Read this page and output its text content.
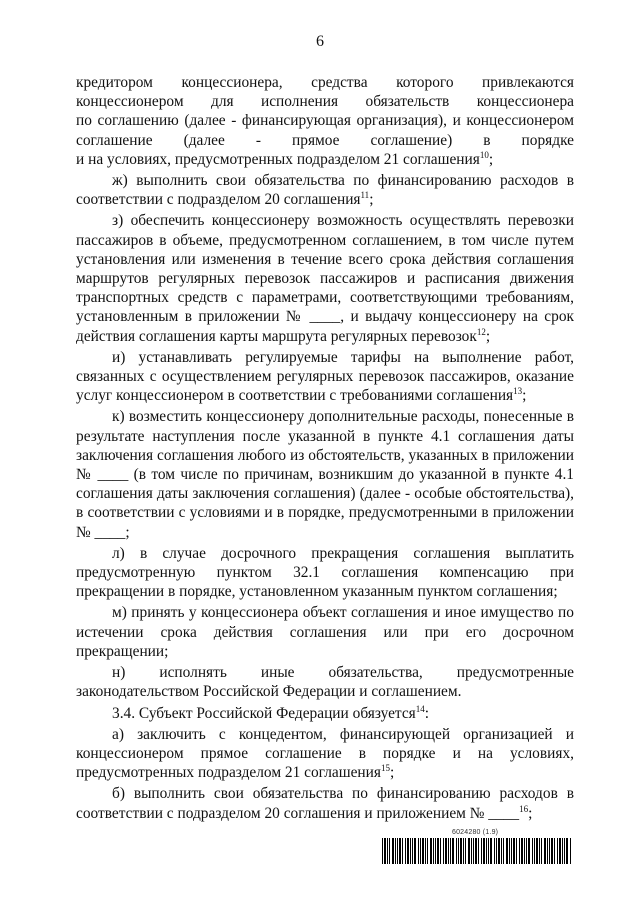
6

кредитором концессионера, средства которого привлекаются

концессионером для исполнения обязательств концессионера

по соглашению (далее - финансирующая организация), и концессионером

соглашение (далее - прямое соглашение) в порядке

и на условиях, предусмотренных подразделом 21 соглашения$^{10}$;

ж) выполнить свои обязательства по финансированию расходов в соответствии с подразделом 20 соглашения$^{11}$;

з) обеспечить концессионеру возможность осуществлять перевозки пассажиров в объеме, предусмотренном соглашением, в том числе путем установления или изменения в течение всего срока действия соглашения маршрутов регулярных перевозок пассажиров и расписания движения транспортных средств с параметрами, соответствующими требованиям, установленным в приложении № ____, и выдачу концессионеру на срок действия соглашения карты маршрута регулярных перевозок$^{12}$;

и) устанавливать регулируемые тарифы на выполнение работ, связанных с осуществлением регулярных перевозок пассажиров, оказание услуг концессионером в соответствии с требованиями соглашения$^{13}$;

к) возместить концессионеру дополнительные расходы, понесенные в результате наступления после указанной в пункте 4.1 соглашения даты заключения соглашения любого из обстоятельств, указанных в приложении № ____ (в том числе по причинам, возникшим до указанной в пункте 4.1 соглашения даты заключения соглашения) (далее - особые обстоятельства), в соответствии с условиями и в порядке, предусмотренными в приложении № ____;

л) в случае досрочного прекращения соглашения выплатить предусмотренную пунктом 32.1 соглашения компенсацию при прекращении в порядке, установленном указанным пунктом соглашения;

м) принять у концессионера объект соглашения и иное имущество по истечении срока действия соглашения или при его досрочном прекращении;

н) исполнять иные обязательства, предусмотренные законодательством Российской Федерации и соглашением.

3.4. Субъект Российской Федерации обязуется$^{14}$:

а) заключить с концедентом, финансирующей организацией и концессионером прямое соглашение в порядке и на условиях, предусмотренных подразделом 21 соглашения$^{15}$;

б) выполнить свои обязательства по финансированию расходов в соответствии с подразделом 20 соглашения и приложением № ____$^{16}$;

6024280 (1.9)
